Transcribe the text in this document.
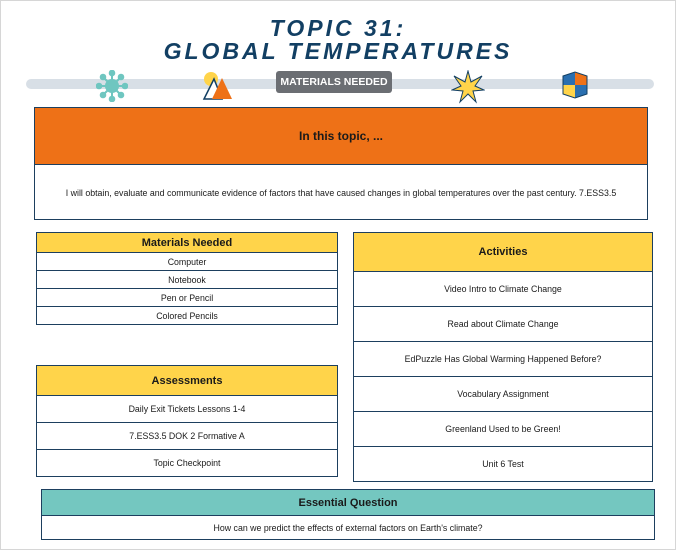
TOPIC 31:
GLOBAL TEMPERATURES
MATERIALS NEEDED
In this topic, ...
I will obtain, evaluate and communicate evidence of factors that have caused changes in global temperatures over the past century. 7.ESS3.5
Materials Needed
Computer
Notebook
Pen or Pencil
Colored Pencils
Assessments
Daily Exit Tickets Lessons 1-4
7.ESS3.5 DOK 2 Formative A
Topic Checkpoint
Activities
Video Intro to Climate Change
Read about Climate Change
EdPuzzle Has Global Warming Happened Before?
Vocabulary Assignment
Greenland Used to be Green!
Unit 6 Test
Essential Question
How can we predict the effects of external factors on Earth's climate?
